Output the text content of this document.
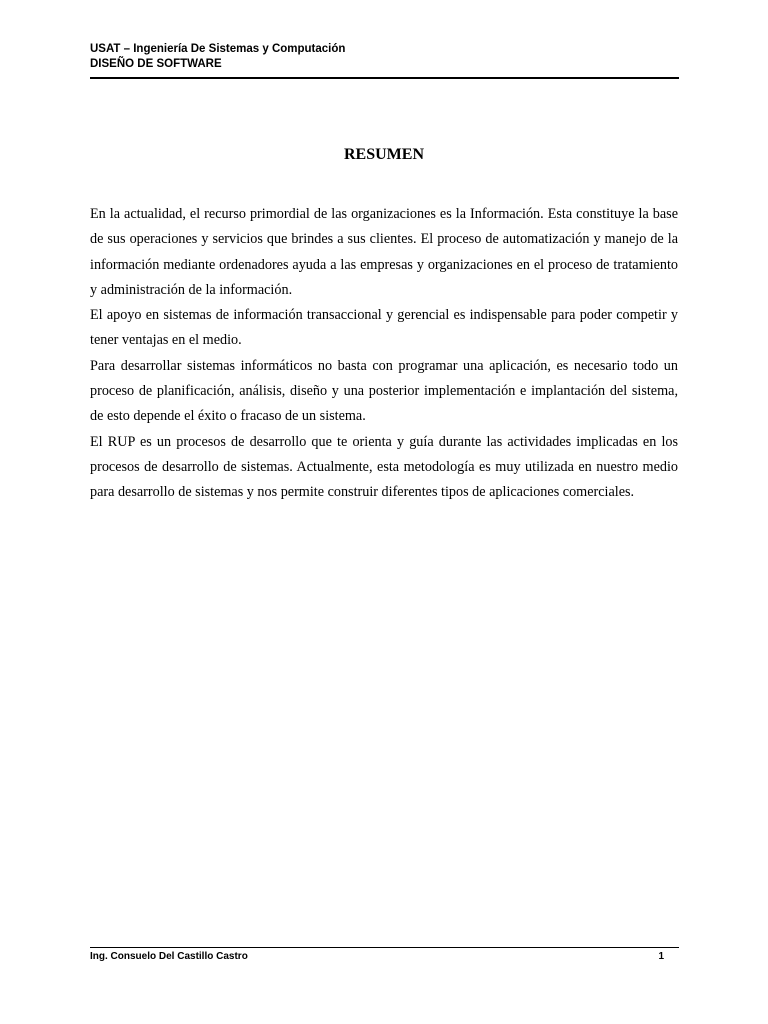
USAT – Ingeniería De Sistemas y Computación
DISEÑO DE SOFTWARE
RESUMEN

En la actualidad, el recurso primordial de las organizaciones es la Información. Esta constituye la base de sus operaciones y servicios que brindes a sus clientes. El proceso de automatización y manejo de la información mediante ordenadores ayuda a las empresas y organizaciones en el proceso de tratamiento y administración de la información.

El apoyo en sistemas de información transaccional y gerencial es indispensable para poder competir y tener ventajas en el medio.

Para desarrollar sistemas informáticos no basta con programar una aplicación, es necesario todo un proceso de planificación, análisis, diseño y una posterior implementación e implantación del sistema, de esto depende el éxito o fracaso de un sistema.

El RUP es un procesos de desarrollo que te orienta y guía durante las actividades implicadas en los procesos de desarrollo de sistemas. Actualmente, esta metodología es muy utilizada en nuestro medio para desarrollo de sistemas y nos permite construir diferentes tipos de aplicaciones comerciales.

Ing. Consuelo Del Castillo Castro	1
